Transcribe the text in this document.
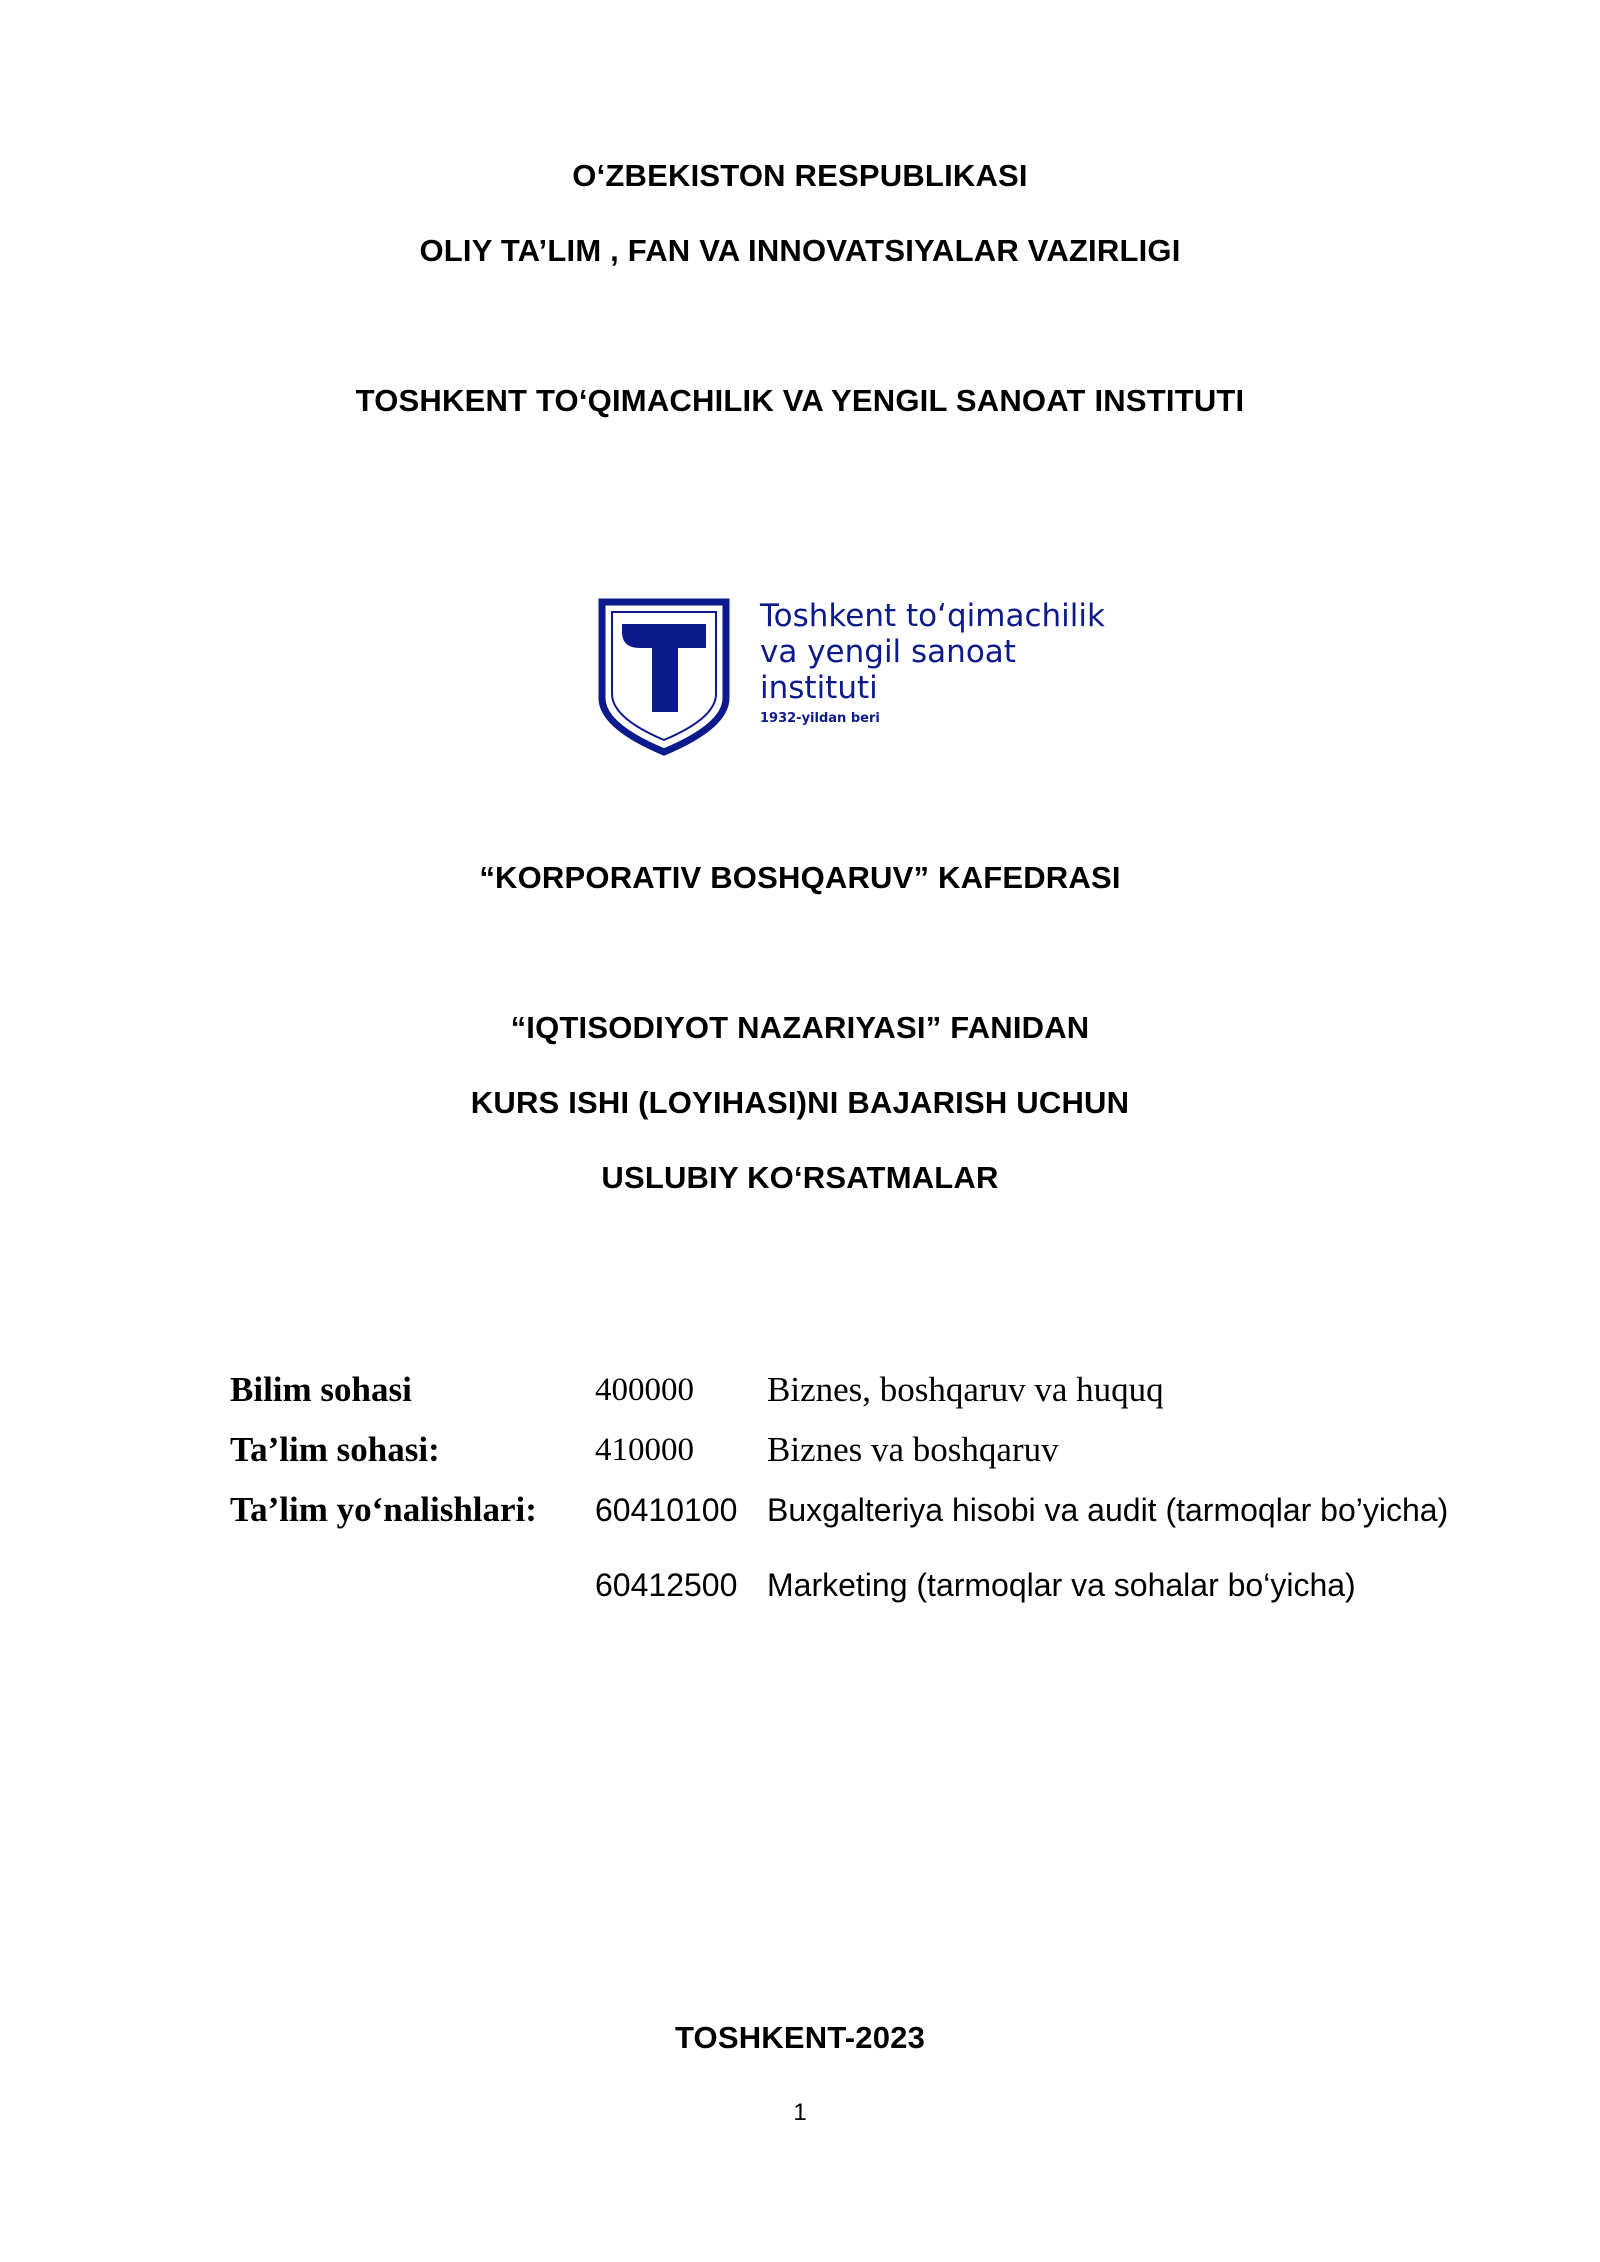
O‘ZBEKISTON RESPUBLIKASI
OLIY TA’LIM , FAN VA INNOVATSIYALAR VAZIRLIGI
TOSHKENT TO‘QIMACHILIK VA YENGIL SANOAT INSTITUTI
Toshkent to‘qimachilik
va yengil sanoat
instituti
1932-yildan beri
“KORPORATIV BOSHQARUV” KAFEDRASI
“IQTISODIYOT NAZARIYASI” FANIDAN
KURS ISHI (LOYIHASI)NI BAJARISH UCHUN
USLUBIY KO‘RSATMALAR
Bilim sohasi	400000 Biznes, boshqaruv va huquq
Ta’lim sohasi:	410000 Biznes va boshqaruv
Ta’lim yo‘nalishlari: 60410100 Buxgalteriya hisobi va audit (tarmoqlar bo’yicha)
60412500 Marketing (tarmoqlar va sohalar bo‘yicha)
TOSHKENT-2023
1
